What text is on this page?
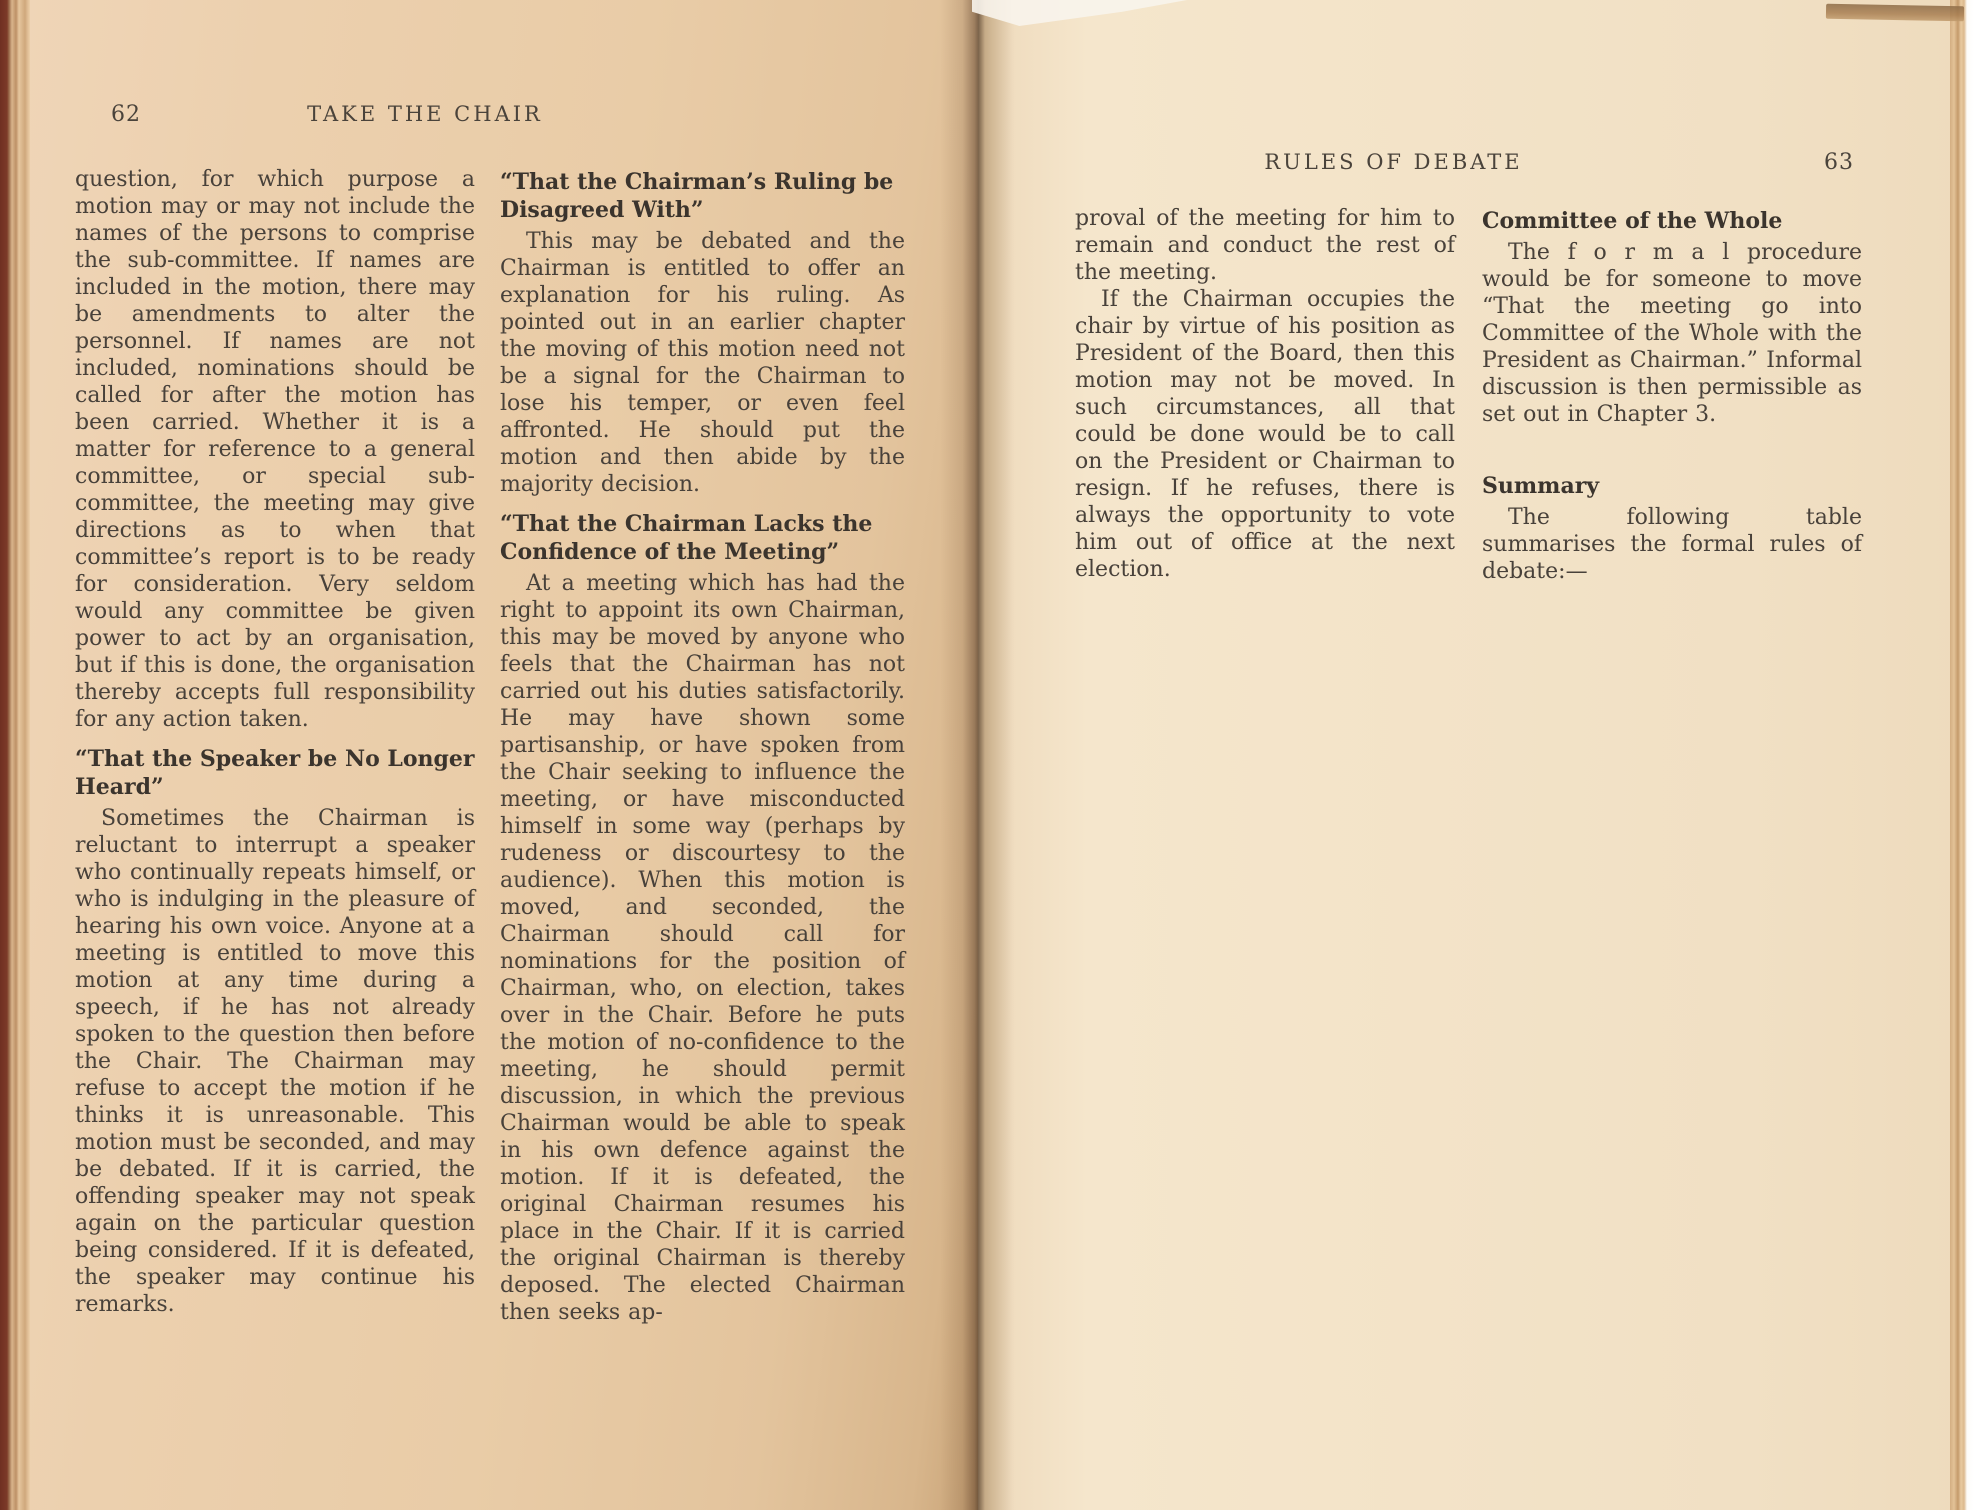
62	TAKE THE CHAIR

question, for which purpose a motion may or may not include the names of the persons to comprise the sub-committee. If names are included in the motion, there may be amendments to alter the personnel. If names are not included, nominations should be called for after the motion has been carried. Whether it is a matter for reference to a general committee, or special sub-committee, the meeting may give directions as to when that committee’s report is to be ready for consideration. Very seldom would any committee be given power to act by an organisation, but if this is done, the organisation thereby accepts full responsibility for any action taken.

“That the Speaker be No Longer Heard”

Sometimes the Chairman is reluctant to interrupt a speaker who continually repeats himself, or who is indulging in the pleasure of hearing his own voice. Anyone at a meeting is entitled to move this motion at any time during a speech, if he has not already spoken to the question then before the Chair. The Chairman may refuse to accept the motion if he thinks it is unreasonable. This motion must be seconded, and may be debated. If it is carried, the offending speaker may not speak again on the particular question being considered. If it is defeated, the speaker may continue his remarks.

“That the Chairman’s Ruling be Disagreed With”

This may be debated and the Chairman is entitled to offer an explanation for his ruling. As pointed out in an earlier chapter the moving of this motion need not be a signal for the Chairman to lose his temper, or even feel affronted. He should put the motion and then abide by the majority decision.

“That the Chairman Lacks the Confidence of the Meeting”

At a meeting which has had the right to appoint its own Chairman, this may be moved by anyone who feels that the Chairman has not carried out his duties satisfactorily. He may have shown some partisanship, or have spoken from the Chair seeking to influence the meeting, or have misconducted himself in some way (perhaps by rudeness or discourtesy to the audience). When this motion is moved, and seconded, the Chairman should call for nominations for the position of Chairman, who, on election, takes over in the Chair. Before he puts the motion of no-confidence to the meeting, he should permit discussion, in which the previous Chairman would be able to speak in his own defence against the motion. If it is defeated, the original Chairman resumes his place in the Chair. If it is carried the original Chairman is thereby deposed. The elected Chairman then seeks ap-

RULES OF DEBATE	63

proval of the meeting for him to remain and conduct the rest of the meeting.

If the Chairman occupies the chair by virtue of his position as President of the Board, then this motion may not be moved. In such circumstances, all that could be done would be to call on the President or Chairman to resign. If he refuses, there is always the opportunity to vote him out of office at the next election.

Committee of the Whole

The f o r m a l procedure would be for someone to move “That the meeting go into Committee of the Whole with the President as Chairman.” Informal discussion is then permissible as set out in Chapter 3.

Summary

The following table summarises the formal rules of debate:—
